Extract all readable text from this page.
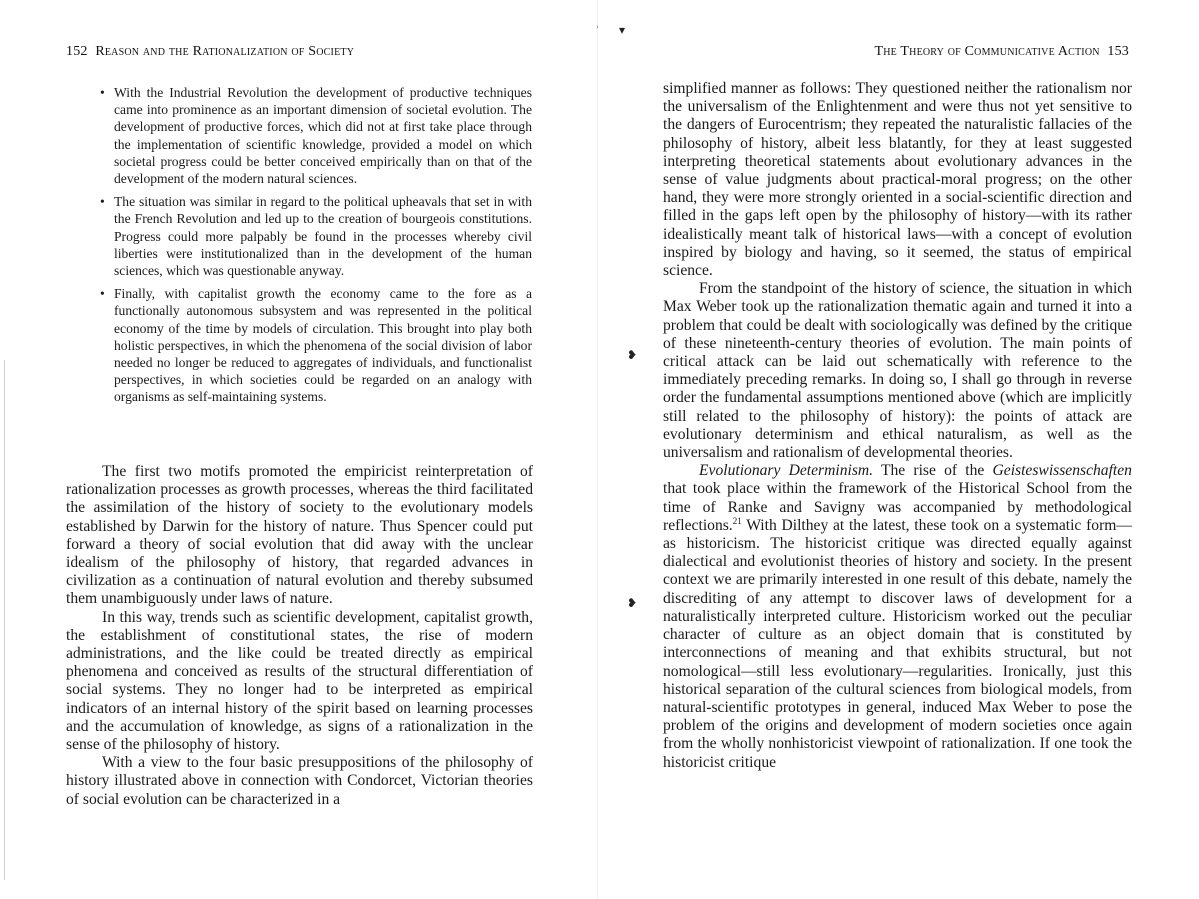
▾
›
❥
❥
152 Reason and the Rationalization of Society
• With the Industrial Revolution the development of productive techniques came into prominence as an important dimension of societal evolution. The development of productive forces, which did not at first take place through the implementation of scientific knowledge, provided a model on which societal progress could be better conceived empirically than on that of the development of the modern natural sciences.
• The situation was similar in regard to the political upheavals that set in with the French Revolution and led up to the creation of bourgeois constitutions. Progress could more palpably be found in the processes whereby civil liberties were institutionalized than in the development of the human sciences, which was questionable anyway.
• Finally, with capitalist growth the economy came to the fore as a functionally autonomous subsystem and was represented in the political economy of the time by models of circulation. This brought into play both holistic perspectives, in which the phenomena of the social division of labor needed no longer be reduced to aggregates of individuals, and functionalist perspectives, in which societies could be regarded on an analogy with organisms as self-maintaining systems.

The first two motifs promoted the empiricist reinterpretation of rationalization processes as growth processes, whereas the third facilitated the assimilation of the history of society to the evolutionary models established by Darwin for the history of nature. Thus Spencer could put forward a theory of social evolution that did away with the unclear idealism of the philosophy of history, that regarded advances in civilization as a continuation of natural evolution and thereby subsumed them unambiguously under laws of nature.

In this way, trends such as scientific development, capitalist growth, the establishment of constitutional states, the rise of modern administrations, and the like could be treated directly as empirical phenomena and conceived as results of the structural differentiation of social systems. They no longer had to be interpreted as empirical indicators of an internal history of the spirit based on learning processes and the accumulation of knowledge, as signs of a rationalization in the sense of the philosophy of history.

With a view to the four basic presuppositions of the philosophy of history illustrated above in connection with Condorcet, Victorian theories of social evolution can be characterized in a

The Theory of Communicative Action 153

simplified manner as follows: They questioned neither the rationalism nor the universalism of the Enlightenment and were thus not yet sensitive to the dangers of Eurocentrism; they repeated the naturalistic fallacies of the philosophy of history, albeit less blatantly, for they at least suggested interpreting theoretical statements about evolutionary advances in the sense of value judgments about practical-moral progress; on the other hand, they were more strongly oriented in a social-scientific direction and filled in the gaps left open by the philosophy of history—with its rather idealistically meant talk of historical laws—with a concept of evolution inspired by biology and having, so it seemed, the status of empirical science.

From the standpoint of the history of science, the situation in which Max Weber took up the rationalization thematic again and turned it into a problem that could be dealt with sociologically was defined by the critique of these nineteenth-century theories of evolution. The main points of critical attack can be laid out schematically with reference to the immediately preceding remarks. In doing so, I shall go through in reverse order the fundamental assumptions mentioned above (which are implicitly still related to the philosophy of history): the points of attack are evolutionary determinism and ethical naturalism, as well as the universalism and rationalism of developmental theories.

Evolutionary Determinism. The rise of the Geisteswissenschaften that took place within the framework of the Historical School from the time of Ranke and Savigny was accompanied by methodological reflections.$^{21}$ With Dilthey at the latest, these took on a systematic form—as historicism. The historicist critique was directed equally against dialectical and evolutionist theories of history and society. In the present context we are primarily interested in one result of this debate, namely the discrediting of any attempt to discover laws of development for a naturalistically interpreted culture. Historicism worked out the peculiar character of culture as an object domain that is constituted by interconnections of meaning and that exhibits structural, but not nomological—still less evolutionary—regularities. Ironically, just this historical separation of the cultural sciences from biological models, from natural-scientific prototypes in general, induced Max Weber to pose the problem of the origins and development of modern societies once again from the wholly nonhistoricist viewpoint of rationalization. If one took the historicist critique
